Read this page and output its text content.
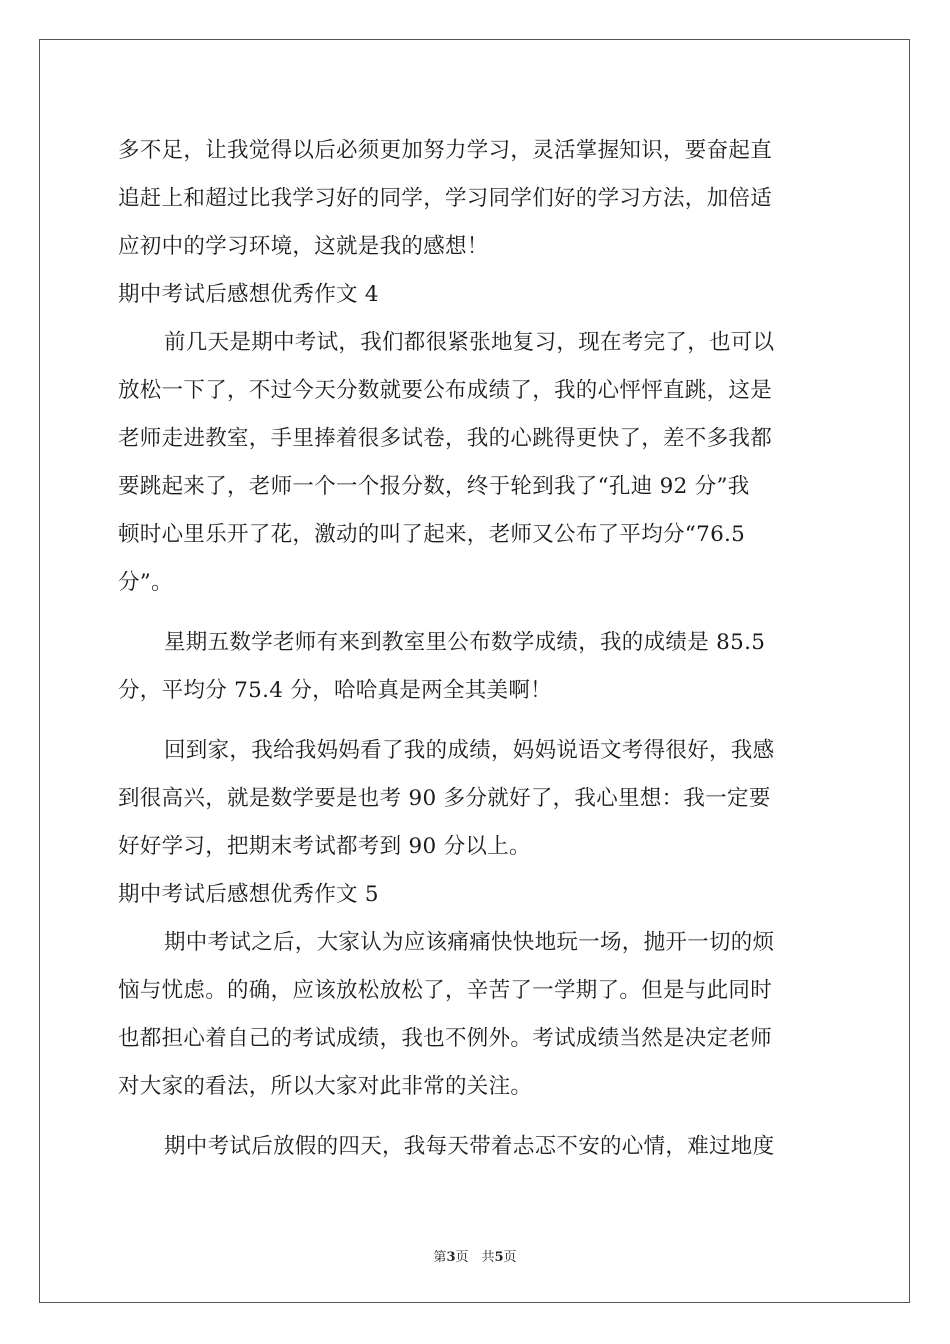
多不足，让我觉得以后必须更加努力学习，灵活掌握知识，要奋起直
追赶上和超过比我学习好的同学，学习同学们好的学习方法，加倍适
应初中的学习环境，这就是我的感想！
期中考试后感想优秀作文 4
前几天是期中考试，我们都很紧张地复习，现在考完了，也可以
放松一下了，不过今天分数就要公布成绩了，我的心怦怦直跳，这是
老师走进教室，手里捧着很多试卷，我的心跳得更快了，差不多我都
要跳起来了，老师一个一个报分数，终于轮到我了“孔迪 92 分”我
顿时心里乐开了花，激动的叫了起来，老师又公布了平均分“76.5
分”。
星期五数学老师有来到教室里公布数学成绩，我的成绩是 85.5
分，平均分 75.4 分，哈哈真是两全其美啊！
回到家，我给我妈妈看了我的成绩，妈妈说语文考得很好，我感
到很高兴，就是数学要是也考 90 多分就好了，我心里想：我一定要
好好学习，把期末考试都考到 90 分以上。
期中考试后感想优秀作文 5
期中考试之后，大家认为应该痛痛快快地玩一场，抛开一切的烦
恼与忧虑。的确，应该放松放松了，辛苦了一学期了。但是与此同时
也都担心着自己的考试成绩，我也不例外。考试成绩当然是决定老师
对大家的看法，所以大家对此非常的关注。
期中考试后放假的四天，我每天带着忐忑不安的心情，难过地度
第3页　共5页
